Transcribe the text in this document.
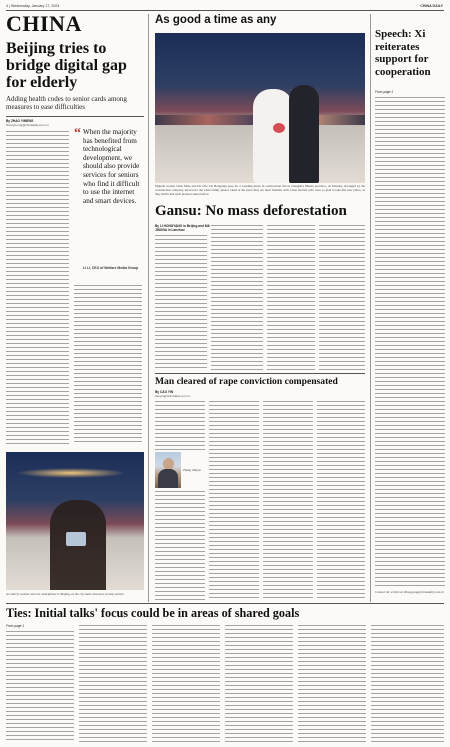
4 | Wednesday, January 17, 2024	CHINA DAILY
CHINA
Beijing tries to bridge digital gap for elderly
Adding health codes to senior cards among measures to ease difficulties
By ZHAO YIMENG
zhaoyimeng@chinadaily.com.cn
“ When the majority has benefited from technological development, we should also provide services for seniors who find it difficult to use the internet and smart devices.
LI LI, CEO of Welfare Media Group
An elderly woman uses her smartphone in Beijing, as the city takes measures to help seniors.
As good a time as any
Migrant worker Chen Miao and his wife Liu Hongping pose for a wedding photo in construction site in Changsha, Hunan province, on Monday. Arranged by the construction company, known for the Chen family photos taken at the place they are most familiar with, Chen and his wife were so glad to take this new photo, as they hadn't had such pictures taken before.
Gansu: No mass deforestation
By LI HONGYANG in Beijing and MA JINGNA in Lanzhou
Man cleared of rape conviction compensated
By CAO YIN
caoyin@chinadaily.com.cn
Zhang Zhiyao
Speech: Xi reiterates support for cooperation
From page 1
Contact the writers at lihongyang@chinadaily.com.cn
Ties: Initial talks' focus could be in areas of shared goals
From page 1
